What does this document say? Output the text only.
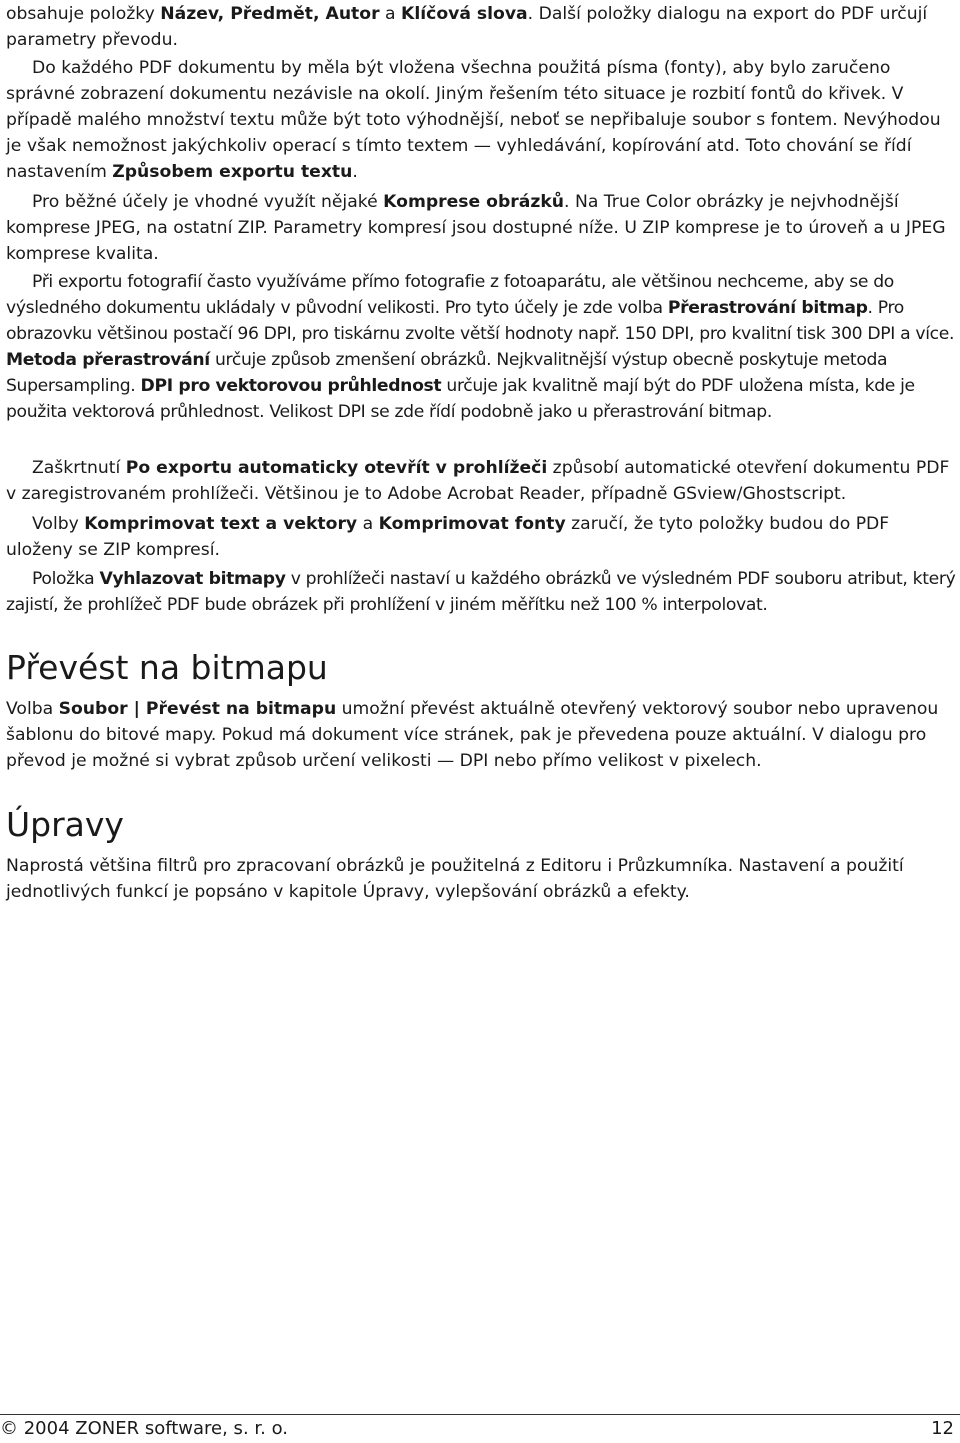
obsahuje položky Název, Předmět, Autor a Klíčová slova. Další položky dialogu na export do PDF určují parametry převodu.

Do každého PDF dokumentu by měla být vložena všechna použitá písma (fonty), aby bylo zaručeno správné zobrazení dokumentu nezávisle na okolí. Jiným řešením této situace je rozbití fontů do křivek. V případě malého množství textu může být toto výhodnější, neboť se nepřibaluje soubor s fontem. Nevýhodou je však nemožnost jakýchkoliv operací s tímto textem — vyhledávání, kopírování atd. Toto chování se řídí nastavením Způsobem exportu textu.

Pro běžné účely je vhodné využít nějaké Komprese obrázků. Na True Color obrázky je nejvhodnější komprese JPEG, na ostatní ZIP. Parametry kompresí jsou dostupné níže. U ZIP komprese je to úroveň a u JPEG komprese kvalita.

Při exportu fotografií často využíváme přímo fotografie z fotoaparátu, ale většinou nechceme, aby se do výsledného dokumentu ukládaly v původní velikosti. Pro tyto účely je zde volba Přerastrování bitmap. Pro obrazovku většinou postačí 96 DPI, pro tiskárnu zvolte větší hodnoty např. 150 DPI, pro kvalitní tisk 300 DPI a více. Metoda přerastrování určuje způsob zmenšení obrázků. Nejkvalitnější výstup obecně poskytuje metoda Supersampling. DPI pro vektorovou průhlednost určuje jak kvalitně mají být do PDF uložena místa, kde je použita vektorová průhlednost. Velikost DPI se zde řídí podobně jako u přerastrování bitmap.

Zaškrtnutí Po exportu automaticky otevřít v prohlížeči způsobí automatické otevření dokumentu PDF v zaregistrovaném prohlížeči. Většinou je to Adobe Acrobat Reader, případně GSview/Ghostscript.

Volby Komprimovat text a vektory a Komprimovat fonty zaručí, že tyto položky budou do PDF uloženy se ZIP kompresí.

Položka Vyhlazovat bitmapy v prohlížeči nastaví u každého obrázků ve výsledném PDF souboru atribut, který zajistí, že prohlížeč PDF bude obrázek při prohlížení v jiném měřítku než 100 % interpolovat.

Převést na bitmapu

Volba Soubor | Převést na bitmapu umožní převést aktuálně otevřený vektorový soubor nebo upravenou šablonu do bitové mapy. Pokud má dokument více stránek, pak je převedena pouze aktuální. V dialogu pro převod je možné si vybrat způsob určení velikosti — DPI nebo přímo velikost v pixelech.

Úpravy

Naprostá většina filtrů pro zpracovaní obrázků je použitelná z Editoru i Průzkumníka. Nastavení a použití jednotlivých funkcí je popsáno v kapitole Úpravy, vylepšování obrázků a efekty.

© 2004 ZONER software, s. r. o.	12
